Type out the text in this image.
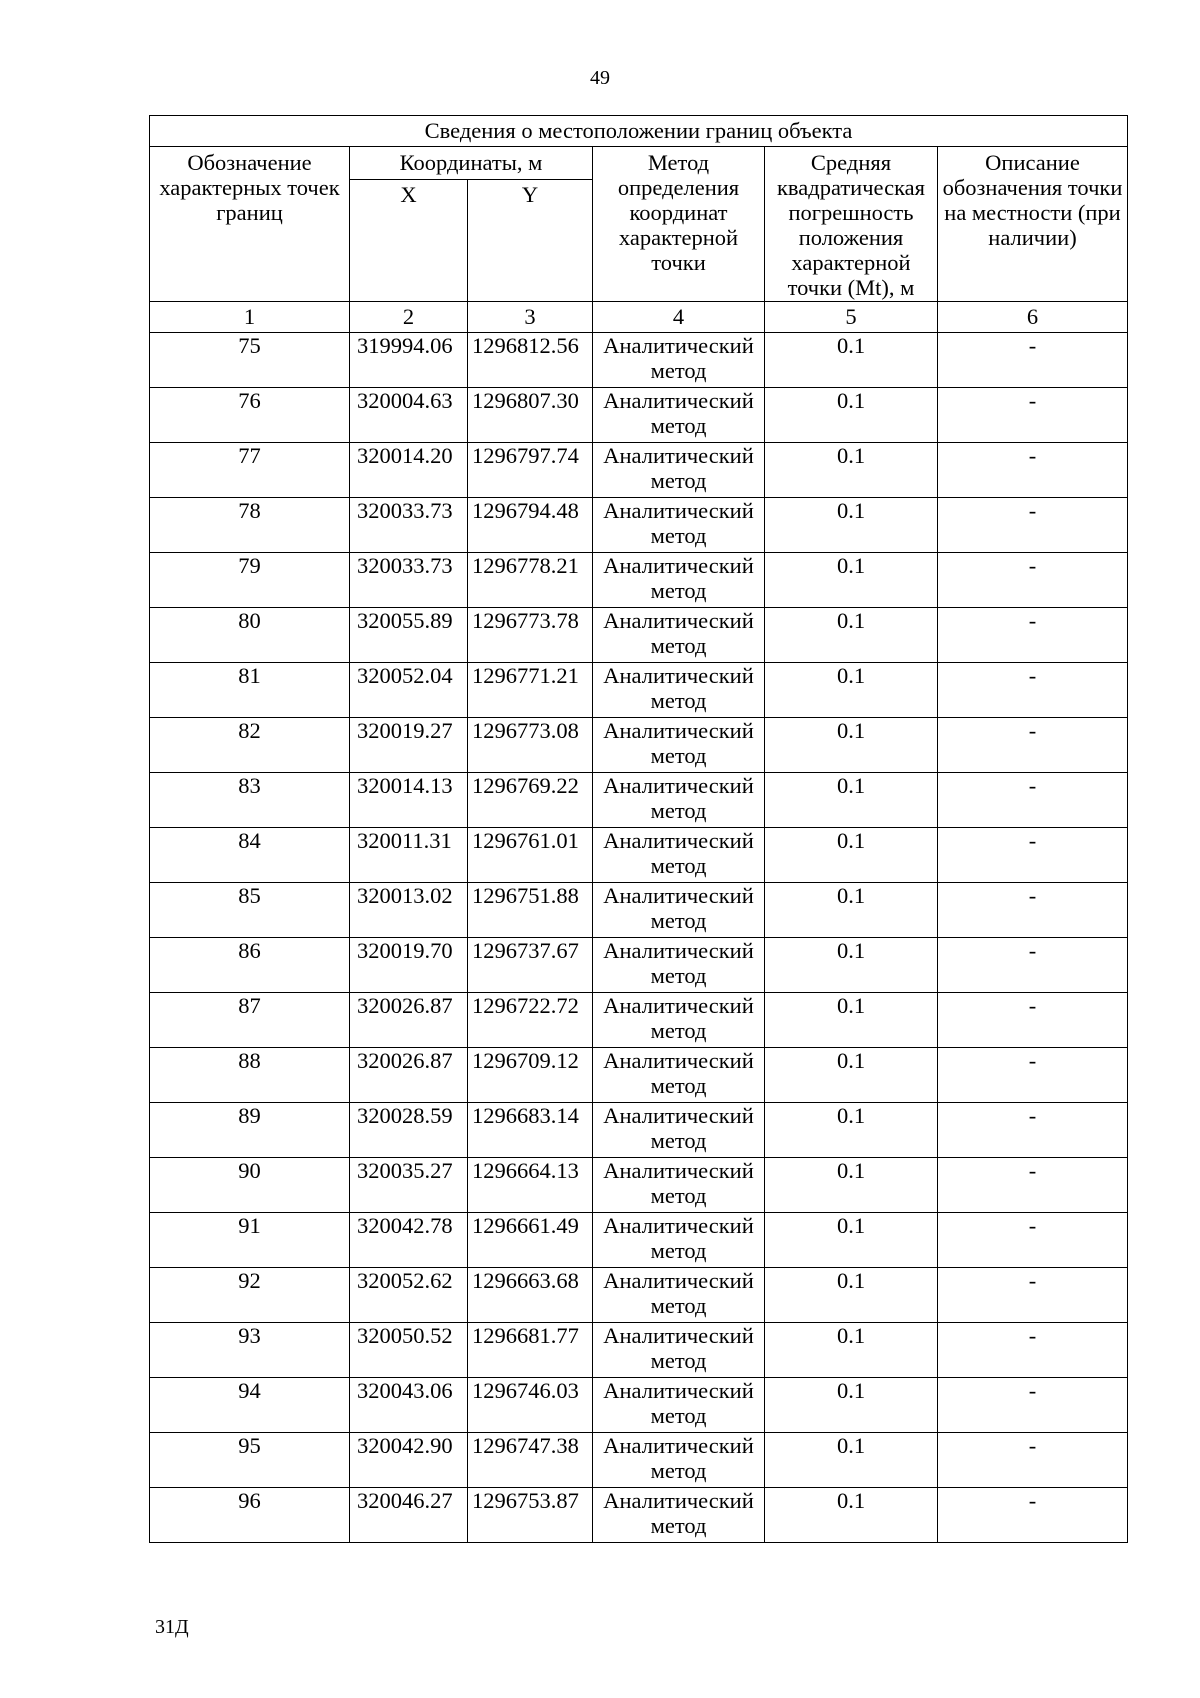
49
Сведения о местоположении границ объекта					
Обозначение характерных точек границ	Координаты, м		Метод определения координат характерной точки	Средняя квадратическая погрешность положения характерной точки (Mt), м	Описание обозначения точки на местности (при наличии)
	X	Y			
1	2	3	4	5	6
75	319994.06	1296812.56	Аналитический метод	0.1	-
76	320004.63	1296807.30	Аналитический метод	0.1	-
77	320014.20	1296797.74	Аналитический метод	0.1	-
78	320033.73	1296794.48	Аналитический метод	0.1	-
79	320033.73	1296778.21	Аналитический метод	0.1	-
80	320055.89	1296773.78	Аналитический метод	0.1	-
81	320052.04	1296771.21	Аналитический метод	0.1	-
82	320019.27	1296773.08	Аналитический метод	0.1	-
83	320014.13	1296769.22	Аналитический метод	0.1	-
84	320011.31	1296761.01	Аналитический метод	0.1	-
85	320013.02	1296751.88	Аналитический метод	0.1	-
86	320019.70	1296737.67	Аналитический метод	0.1	-
87	320026.87	1296722.72	Аналитический метод	0.1	-
88	320026.87	1296709.12	Аналитический метод	0.1	-
89	320028.59	1296683.14	Аналитический метод	0.1	-
90	320035.27	1296664.13	Аналитический метод	0.1	-
91	320042.78	1296661.49	Аналитический метод	0.1	-
92	320052.62	1296663.68	Аналитический метод	0.1	-
93	320050.52	1296681.77	Аналитический метод	0.1	-
94	320043.06	1296746.03	Аналитический метод	0.1	-
95	320042.90	1296747.38	Аналитический метод	0.1	-
96	320046.27	1296753.87	Аналитический метод	0.1	-
31Д
